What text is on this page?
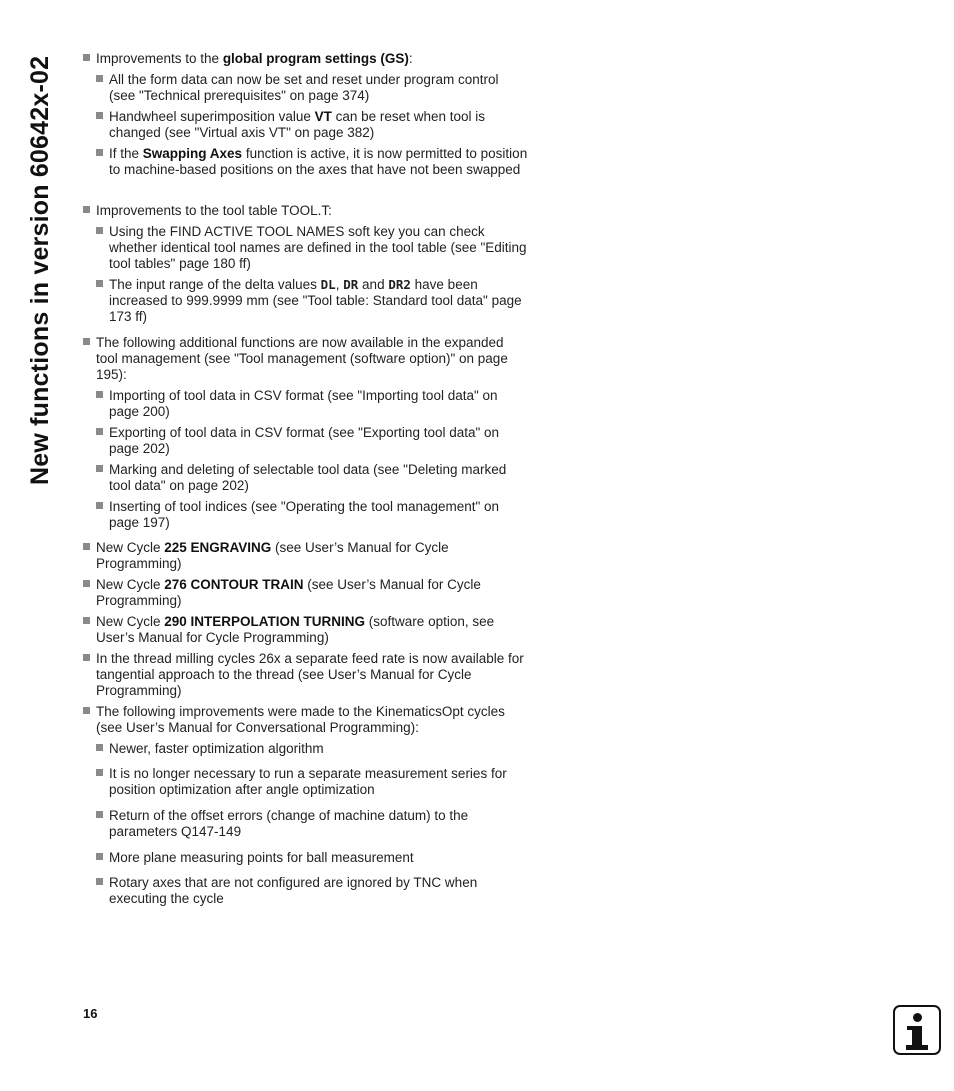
New functions in version 60642x-02	Improvements to the global program settings (GS):
All the form data can now be set and reset under program control (see "Technical prerequisites" on page 374)
Handwheel superimposition value VT can be reset when tool is changed (see "Virtual axis VT" on page 382)
If the Swapping Axes function is active, it is now permitted to position to machine-based positions on the axes that have not been swapped
Improvements to the tool table TOOL.T:
Using the FIND ACTIVE TOOL NAMES soft key you can check whether identical tool names are defined in the tool table (see "Editing tool tables" page 180 ff)
The input range of the delta values DL, DR and DR2 have been increased to 999.9999 mm (see "Tool table: Standard tool data" page 173 ff)
The following additional functions are now available in the expanded tool management (see "Tool management (software option)" on page 195):
Importing of tool data in CSV format (see "Importing tool data" on page 200)
Exporting of tool data in CSV format (see "Exporting tool data" on page 202)
Marking and deleting of selectable tool data (see "Deleting marked tool data" on page 202)
Inserting of tool indices (see "Operating the tool management" on page 197)
New Cycle 225 ENGRAVING (see User’s Manual for Cycle Programming)
New Cycle 276 CONTOUR TRAIN (see User’s Manual for Cycle Programming)
New Cycle 290 INTERPOLATION TURNING (software option, see User’s Manual for Cycle Programming)
In the thread milling cycles 26x a separate feed rate is now available for tangential approach to the thread (see User’s Manual for Cycle Programming)
The following improvements were made to the KinematicsOpt cycles (see User’s Manual for Conversational Programming):
Newer, faster optimization algorithm
It is no longer necessary to run a separate measurement series for position optimization after angle optimization
Return of the offset errors (change of machine datum) to the parameters Q147-149
More plane measuring points for ball measurement
Rotary axes that are not configured are ignored by TNC when executing the cycle
16
